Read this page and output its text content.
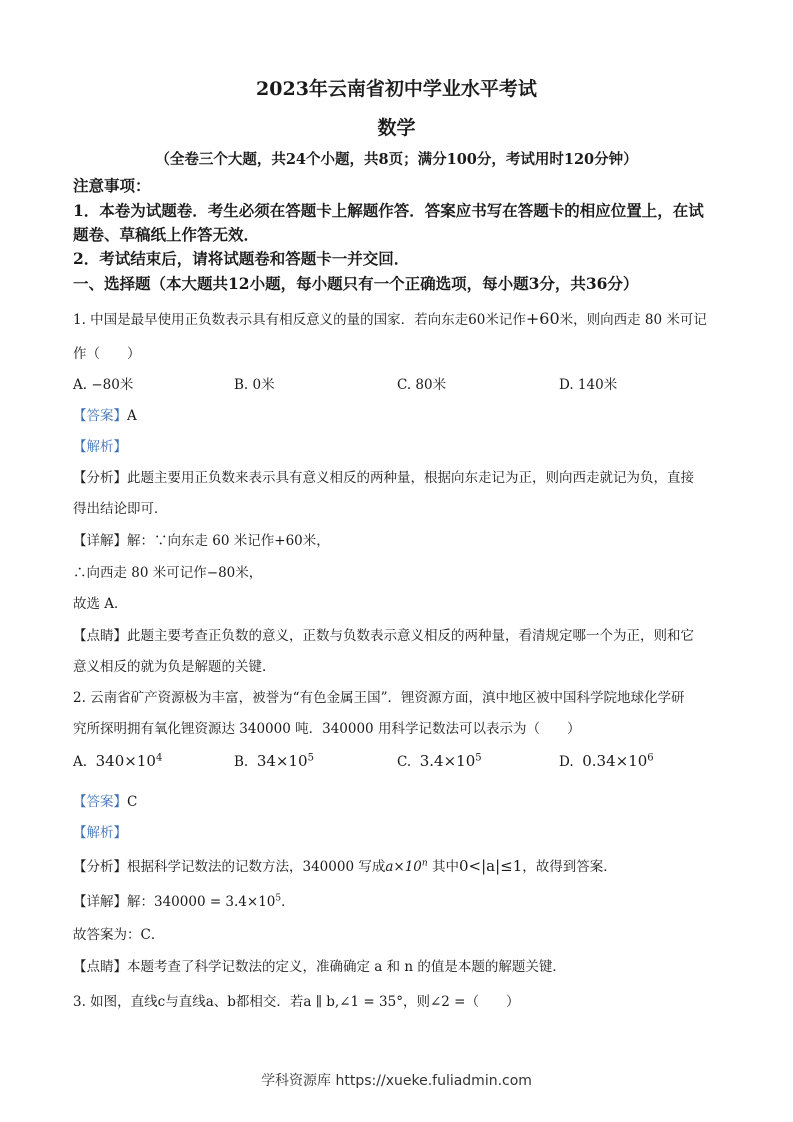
2023年云南省初中学业水平考试
数学
（全卷三个大题，共24个小题，共8页；满分100分，考试用时120分钟）
注意事项：
1．本卷为试题卷．考生必须在答题卡上解题作答．答案应书写在答题卡的相应位置上，在试
题卷、草稿纸上作答无效．
2．考试结束后，请将试题卷和答题卡一并交回．
一、选择题（本大题共12小题，每小题只有一个正确选项，每小题3分，共36分）
1. 中国是最早使用正负数表示具有相反意义的量的国家．若向东走60米记作+60米，则向西走 80 米可记
作（　　）
A. −80米	B. 0米	C. 80米	D. 140米
【答案】A
【解析】
【分析】此题主要用正负数来表示具有意义相反的两种量，根据向东走记为正，则向西走就记为负，直接
得出结论即可．
【详解】解：∵向东走 60 米记作+60米，
∴向西走 80 米可记作−80米，
故选 A．
【点睛】此题主要考查正负数的意义，正数与负数表示意义相反的两种量，看清规定哪一个为正，则和它
意义相反的就为负是解题的关键．
2. 云南省矿产资源极为丰富，被誉为“有色金属王国”．锂资源方面，滇中地区被中国科学院地球化学研
究所探明拥有氧化锂资源达 340000 吨．340000 用科学记数法可以表示为（　　）
A. $340\times 10^4$	B. $34\times 10^5$	C. $3.4\times 10^5$	D. $0.34\times 10^6$
【答案】C
【解析】
【分析】根据科学记数法的记数方法，340000 写成$a\times 10^n$ 其中0<|a|≤1，故得到答案．
【详解】解：$340000 = 3.4\times 10^5$．
故答案为：C．
【点睛】本题考查了科学记数法的定义，准确确定 a 和 n 的值是本题的解题关键．
3. 如图，直线c与直线a、b都相交．若a ∥ b,∠1 = 35°，则∠2 =（　　）
学科资源库 https://xueke.fuliadmin.com
